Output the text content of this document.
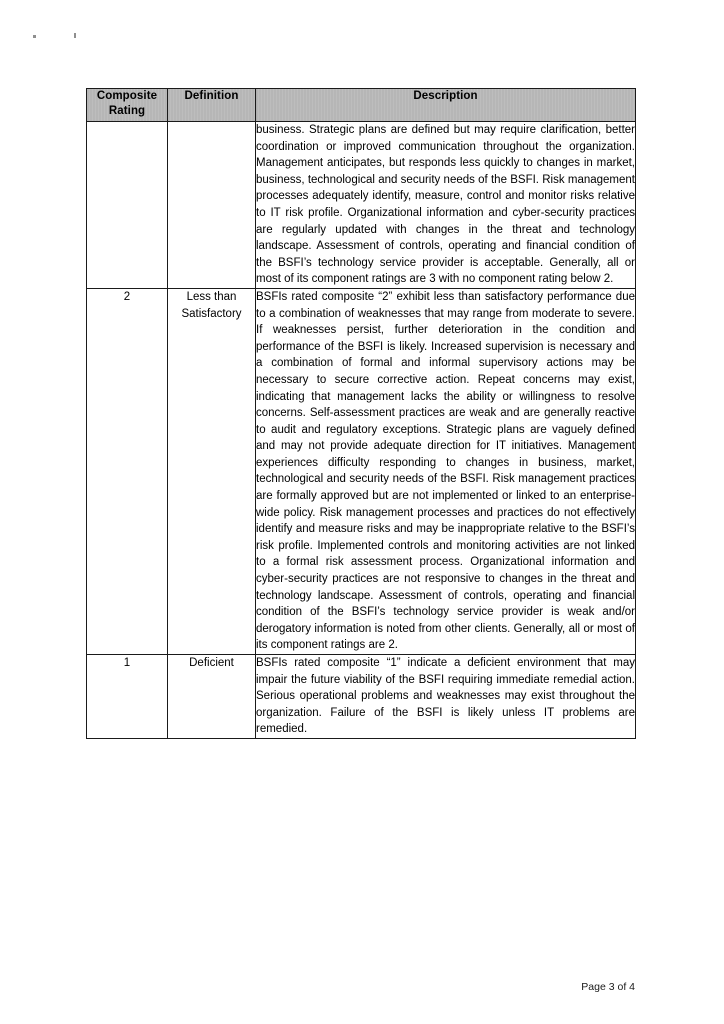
Composite Rating	Definition	Description
		business. Strategic plans are defined but may require clarification, better coordination or improved communication throughout the organization. Management anticipates, but responds less quickly to changes in market, business, technological and security needs of the BSFI. Risk management processes adequately identify, measure, control and monitor risks relative to IT risk profile. Organizational information and cyber-security practices are regularly updated with changes in the threat and technology landscape. Assessment of controls, operating and financial condition of the BSFI’s technology service provider is acceptable. Generally, all or most of its component ratings are 3 with no component rating below 2.
2	Less than Satisfactory	BSFIs rated composite “2” exhibit less than satisfactory performance due to a combination of weaknesses that may range from moderate to severe. If weaknesses persist, further deterioration in the condition and performance of the BSFI is likely. Increased supervision is necessary and a combination of formal and informal supervisory actions may be necessary to secure corrective action. Repeat concerns may exist, indicating that management lacks the ability or willingness to resolve concerns. Self-assessment practices are weak and are generally reactive to audit and regulatory exceptions. Strategic plans are vaguely defined and may not provide adequate direction for IT initiatives. Management experiences difficulty responding to changes in business, market, technological and security needs of the BSFI. Risk management practices are formally approved but are not implemented or linked to an enterprise-wide policy. Risk management processes and practices do not effectively identify and measure risks and may be inappropriate relative to the BSFI’s risk profile. Implemented controls and monitoring activities are not linked to a formal risk assessment process. Organizational information and cyber-security practices are not responsive to changes in the threat and technology landscape. Assessment of controls, operating and financial condition of the BSFI’s technology service provider is weak and/or derogatory information is noted from other clients. Generally, all or most of its component ratings are 2.
1	Deficient	BSFIs rated composite “1” indicate a deficient environment that may impair the future viability of the BSFI requiring immediate remedial action. Serious operational problems and weaknesses may exist throughout the organization. Failure of the BSFI is likely unless IT problems are remedied.
Page 3 of 4
